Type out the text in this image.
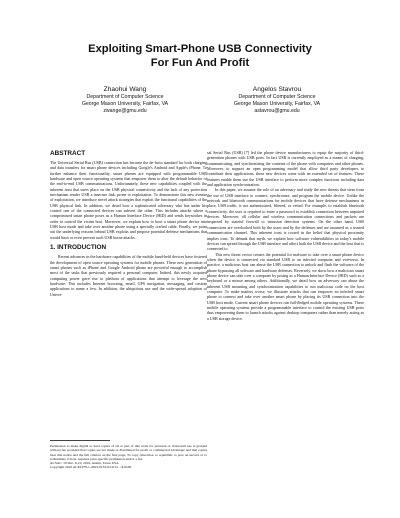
Exploiting Smart-Phone USB Connectivity
For Fun And Profit
Zhaohui Wang
Department of Computer Science
George Mason University, Fairfax, VA
zwange@gmu.edu
Angelos Stavrou
Department of Computer Science
George Mason University, Fairfax, VA
astavrou@gmu.edu
ABSTRACT

The Universal Serial Bus (USB) connection has become the de-facto standard for both charging and data transfers for smart phone devices including Google's Android and Apple's iPhone. To further enhance their functionality, smart phones are equipped with programmable USB hardware and open source operating systems that empower them to alter the default behavior of the end-to-end USB communications. Unfortunately, these new capabilities coupled with the inherent trust that users place on the USB physical connectivity and the lack of any protection mechanism render USB a insecure link, prone to exploitation. To demonstrate this new avenue of exploitation, we introduce novel attack strategies that exploit the functional capabilities of the USB physical link. In addition, we detail how a sophisticated adversary who has under his control one of the connected devices can subvert the other. This includes attacks where a compromised smart phone poses as a Human Interface Device (HID) and sends keystrokes in order to control the victim host. Moreover, we explain how to boot a smart phone device into USB host mode and take over another phone using a specially crafted cable. Finally, we point out the underlying reasons behind USB exploits and propose potential defense mechanisms that would limit or even prevent such USB borne attacks.

1. INTRODUCTION

Recent advances in the hardware capabilities of the mobile hand-held devices have fostered the development of open source operating systems for mobile phones. These new generation of smart phones such as iPhone and Google Android phone are powerful enough to accomplish most of the tasks that previously required a personal computer. Indeed, this newly acquired computing power gave rise to plethora of applications that attempt to leverage the new hardware. This includes Internet browsing, email, GPS navigation, messaging, and custom applications to name a few. In addition, the ubiquitous use and the wide-spread adoption of Univer-

Permission to make digital or hard copies of all or part of this work for personal or classroom use is granted without fee provided that copies are not made or distributed for profit or commercial advantage and that copies bear this notice and the full citation on the first page. To copy otherwise, to republish, to post on servers or to redistribute to lists, requires prior specific permission and/or a fee.

ACSAC '10 Dec. 6-10, 2010, Austin, Texas USA

Copyright 2010 ACM 978-1-4503-0133-6/10/12 ...$10.00.

sal Serial Bus (USB) [7] led the phone device manufacturers to equip the majority of third-generation phones with USB ports. In fact USB is currently employed as a means of charging, communicating, and synchronizing the contents of the phone with computers and other phones. Moreover, to support an open programming model that allow third party developers to contribute their applications, these new devices come with an extended set of features. These features enable them use the USB interface to perform more complex functions including data and application synchronization.

In this paper, we assume the role of an adversary and study the new threats that stem from the use of USB interface to connect, synchronize, and program the mobile device. Unlike the network and bluetooth communications for mobile devices that have defense mechanisms in place, USB traffic is not authenticated, filtered, or vetted. For example, to establish bluetooth connectivity, the user is required to enter a password to establish connection between unpaired devices. Moreover, all cellular and wireless communication connections and packets are inspected by stateful firewall or intrusion detection systems. On the other hand, USB connections are overlooked both by the users and by the defenses and are assumed as a trusted communication channel. This inherent trust is rooted in the belief that physical proximity implies trust. To debunk that myth, we explain how software vulnerabilities in today's mobile devices can spread through the USB interface and affect both the USB device and the host that is connected to.

This new threat vector creates the potential for malware to take over a smart phone device when the device is connected via standard USB to an infected computer and viceversa. In practice, a malicious host can abuse the USB connection to unlock and flash the software of the phone bypassing all software and hardware defenses. Reversely, we show how a malicious smart phone device can take over a computer by posing as a Human Interface Device (HID) such as a keyboard or a mouse among others. Additionally, we detail how an adversary can abuse the inherent USB mounting and synchronization capabilities to run malicious code on the host computer. To make matters worse, we illustrate attacks that can empower an infected smart phone to connect and take over another smart phone by placing its USB connection into the USB host mode. Current smart phone devices run full-fledged mobile operating systems. These mobile operating systems provide a programmable interface to control the existing USB ports thus empowering them to launch attacks against desktop computers rather than merely acting as a USB storage device.
